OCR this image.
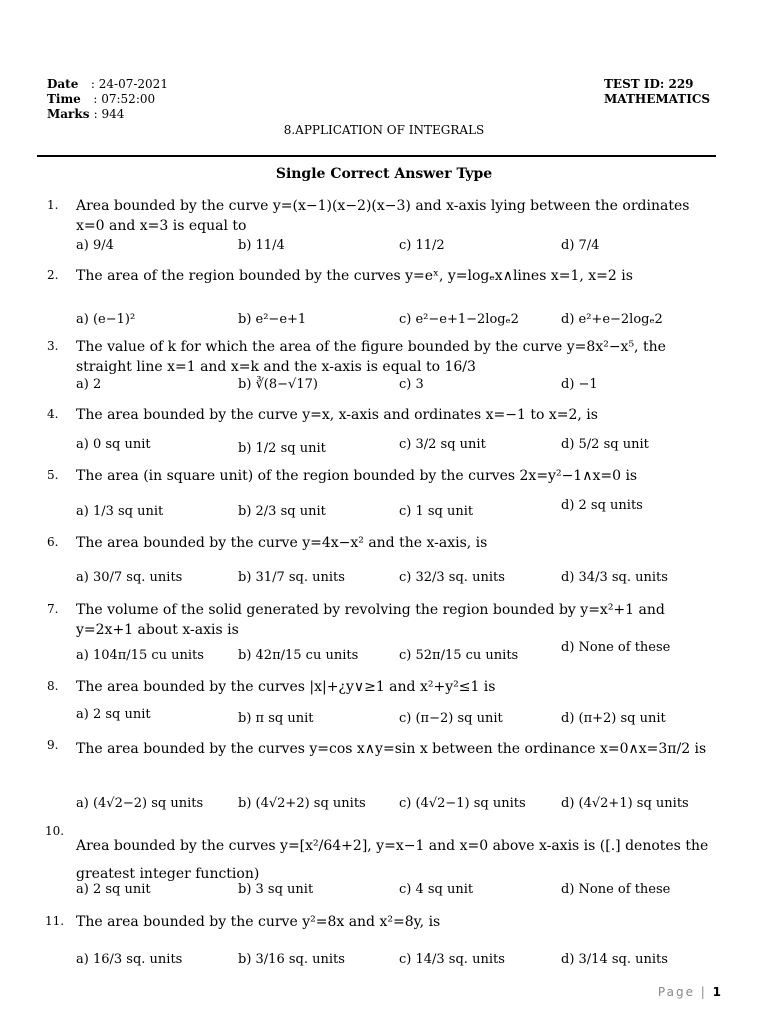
Date : 24-07-2021
Time : 07:52:00
Marks : 944
TEST ID: 229
MATHEMATICS
8.APPLICATION OF INTEGRALS
Single Correct Answer Type
1. Area bounded by the curve y=(x−1)(x−2)(x−3) and x-axis lying between the ordinates x=0 and x=3 is equal to
a) 9/4	b) 11/4	c) 11/2	d) 7/4
2. The area of the region bounded by the curves y=eˣ, y=logₑx∧lines x=1, x=2 is
a) (e−1)²	b) e²−e+1	c) e²−e+1−2logₑ2	d) e²+e−2logₑ2
3. The value of k for which the area of the figure bounded by the curve y=8x²−x⁵, the straight line x=1 and x=k and the x-axis is equal to 16/3
a) 2	b) ∛(8−√17)	c) 3	d) −1
4. The area bounded by the curve y=x, x-axis and ordinates x=−1 to x=2, is
a) 0 sq unit	b) 1/2 sq unit	c) 3/2 sq unit	d) 5/2 sq unit
5. The area (in square unit) of the region bounded by the curves 2x=y²−1∧x=0 is
a) 1/3 sq unit	b) 2/3 sq unit	c) 1 sq unit	d) 2 sq units
6. The area bounded by the curve y=4x−x² and the x-axis, is
a) 30/7 sq. units	b) 31/7 sq. units	c) 32/3 sq. units	d) 34/3 sq. units
7. The volume of the solid generated by revolving the region bounded by y=x²+1 and y=2x+1 about x-axis is
a) 104π/15 cu units	b) 42π/15 cu units	c) 52π/15 cu units
d) None of these
8. The area bounded by the curves |x|+¿y∨≥1 and x²+y²≤1 is
a) 2 sq unit	b) π sq unit	c) (π−2) sq unit	d) (π+2) sq unit
9. The area bounded by the curves y=cos x∧y=sin x between the ordinance x=0∧x=3π/2 is
a) (4√2−2) sq units	b) (4√2+2) sq units	c) (4√2−1) sq units	d) (4√2+1) sq units
10.
Area bounded by the curves y=[x²/64+2], y=x−1 and x=0 above x-axis is ([.] denotes the greatest integer function)
a) 2 sq unit	b) 3 sq unit	c) 4 sq unit	d) None of these
11. The area bounded by the curve y²=8x and x²=8y, is
a) 16/3 sq. units	b) 3/16 sq. units	c) 14/3 sq. units	d) 3/14 sq. units
Page | 1
